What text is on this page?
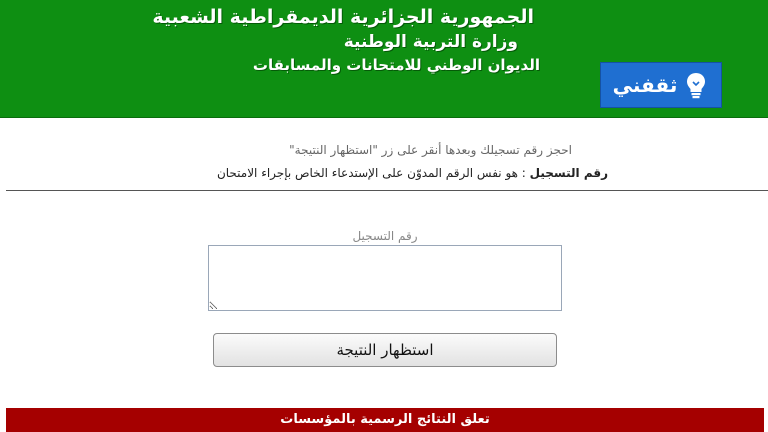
الجمهورية الجزائرية الديمقراطية الشعبية
وزارة التربية الوطنية
الديوان الوطني للامتحانات والمسابقات
ثقفني
احجز رقم تسجيلك وبعدها أنقر على زر "استظهار النتيجة"
رقم التسجيل : هو نفس الرقم المدوّن على الإستدعاء الخاص بإجراء الامتحان
رقم التسجيل
استظهار النتيجة
تعلق النتائج الرسمية بالمؤسسات
